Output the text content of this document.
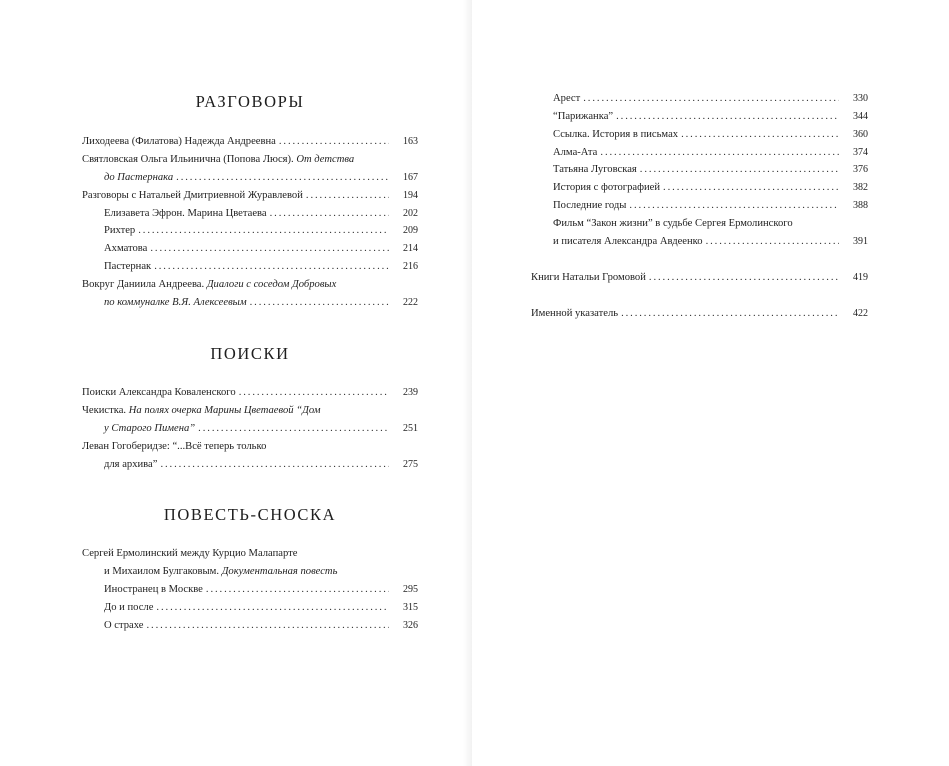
РАЗГОВОРЫ
Лиходеева (Филатова) Надежда Андреевна .....	163
Святловская Ольга Ильинична (Попова Люся). От детства
до Пастернака .....	167
Разговоры с Натальей Дмитриевной Журавлевой .....	194
Елизавета Эфрон. Марина Цветаева .....	202
Рихтер .....	209
Ахматова .....	214
Пастернак .....	216
Вокруг Даниила Андреева. Диалоги с соседом Добровых
по коммуналке В.Я. Алексеевым .....	222
ПОИСКИ
Поиски Александра Коваленского .....	239
Чекистка. На полях очерка Марины Цветаевой “Дом
у Старого Пимена” .....	251
Леван Гогоберидзе: “...Всё теперь только
для архива” .....	275
ПОВЕСТЬ-СНОСКА
Сергей Ермолинский между Курцио Малапарте
и Михаилом Булгаковым. Документальная повесть
Иностранец в Москве .....	295
До и после .....	315
О страхе .....	326
Арест .....	330
“Парижанка” .....	344
Ссылка. История в письмах .....	360
Алма-Ата .....	374
Татьяна Луговская .....	376
История с фотографией .....	382
Последние годы .....	388
Фильм “Закон жизни” в судьбе Сергея Ермолинского
и писателя Александра Авдеенко .....	391
Книги Натальи Громовой .....	419
Именной указатель .....	422
